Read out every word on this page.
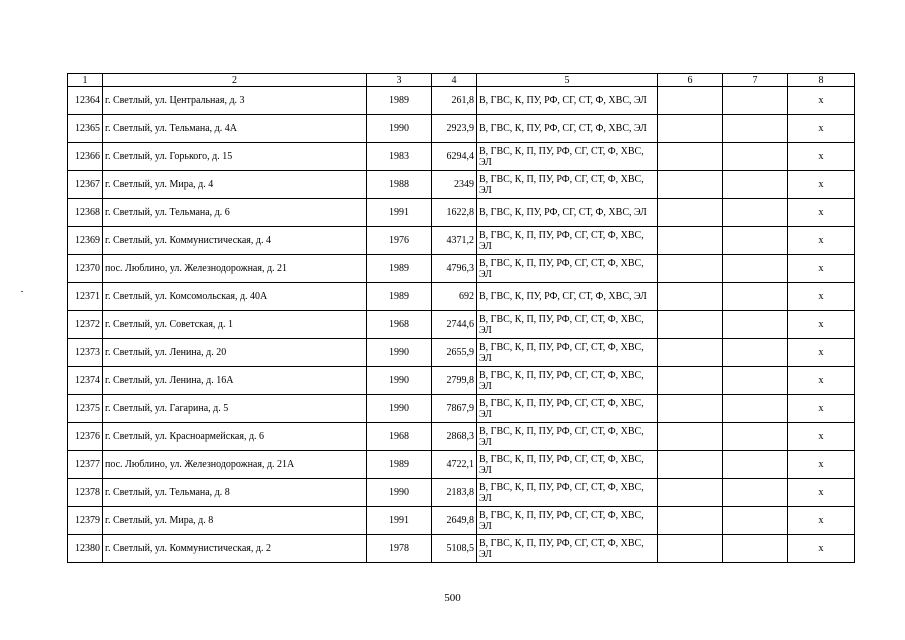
1	2	3	4	5	6	7	8
12364	г. Светлый, ул. Центральная, д. 3	1989	261,8	В, ГВС, К, ПУ, РФ, СГ, СТ, Ф, ХВС, ЭЛ			х
12365	г. Светлый, ул. Тельмана, д. 4А	1990	2923,9	В, ГВС, К, ПУ, РФ, СГ, СТ, Ф, ХВС, ЭЛ			х
12366	г. Светлый, ул. Горького, д. 15	1983	6294,4	В, ГВС, К, П, ПУ, РФ, СГ, СТ, Ф, ХВС, ЭЛ			х
12367	г. Светлый, ул. Мира, д. 4	1988	2349	В, ГВС, К, П, ПУ, РФ, СГ, СТ, Ф, ХВС, ЭЛ			х
12368	г. Светлый, ул. Тельмана, д. 6	1991	1622,8	В, ГВС, К, ПУ, РФ, СГ, СТ, Ф, ХВС, ЭЛ			х
12369	г. Светлый, ул. Коммунистическая, д. 4	1976	4371,2	В, ГВС, К, П, ПУ, РФ, СГ, СТ, Ф, ХВС, ЭЛ			х
12370	пос. Люблино, ул. Железнодорожная, д. 21	1989	4796,3	В, ГВС, К, П, ПУ, РФ, СГ, СТ, Ф, ХВС, ЭЛ			х
12371	г. Светлый, ул. Комсомольская, д. 40А	1989	692	В, ГВС, К, ПУ, РФ, СГ, СТ, Ф, ХВС, ЭЛ			х
12372	г. Светлый, ул. Советская, д. 1	1968	2744,6	В, ГВС, К, П, ПУ, РФ, СГ, СТ, Ф, ХВС, ЭЛ			х
12373	г. Светлый, ул. Ленина, д. 20	1990	2655,9	В, ГВС, К, П, ПУ, РФ, СГ, СТ, Ф, ХВС, ЭЛ			х
12374	г. Светлый, ул. Ленина, д. 16А	1990	2799,8	В, ГВС, К, П, ПУ, РФ, СГ, СТ, Ф, ХВС, ЭЛ			х
12375	г. Светлый, ул. Гагарина, д. 5	1990	7867,9	В, ГВС, К, П, ПУ, РФ, СГ, СТ, Ф, ХВС, ЭЛ			х
12376	г. Светлый, ул. Красноармейская, д. 6	1968	2868,3	В, ГВС, К, П, ПУ, РФ, СГ, СТ, Ф, ХВС, ЭЛ			х
12377	пос. Люблино, ул. Железнодорожная, д. 21А	1989	4722,1	В, ГВС, К, П, ПУ, РФ, СГ, СТ, Ф, ХВС, ЭЛ			х
12378	г. Светлый, ул. Тельмана, д. 8	1990	2183,8	В, ГВС, К, П, ПУ, РФ, СГ, СТ, Ф, ХВС, ЭЛ			х
12379	г. Светлый, ул. Мира, д. 8	1991	2649,8	В, ГВС, К, П, ПУ, РФ, СГ, СТ, Ф, ХВС, ЭЛ			х
12380	г. Светлый, ул. Коммунистическая, д. 2	1978	5108,5	В, ГВС, К, П, ПУ, РФ, СГ, СТ, Ф, ХВС, ЭЛ			х
500
